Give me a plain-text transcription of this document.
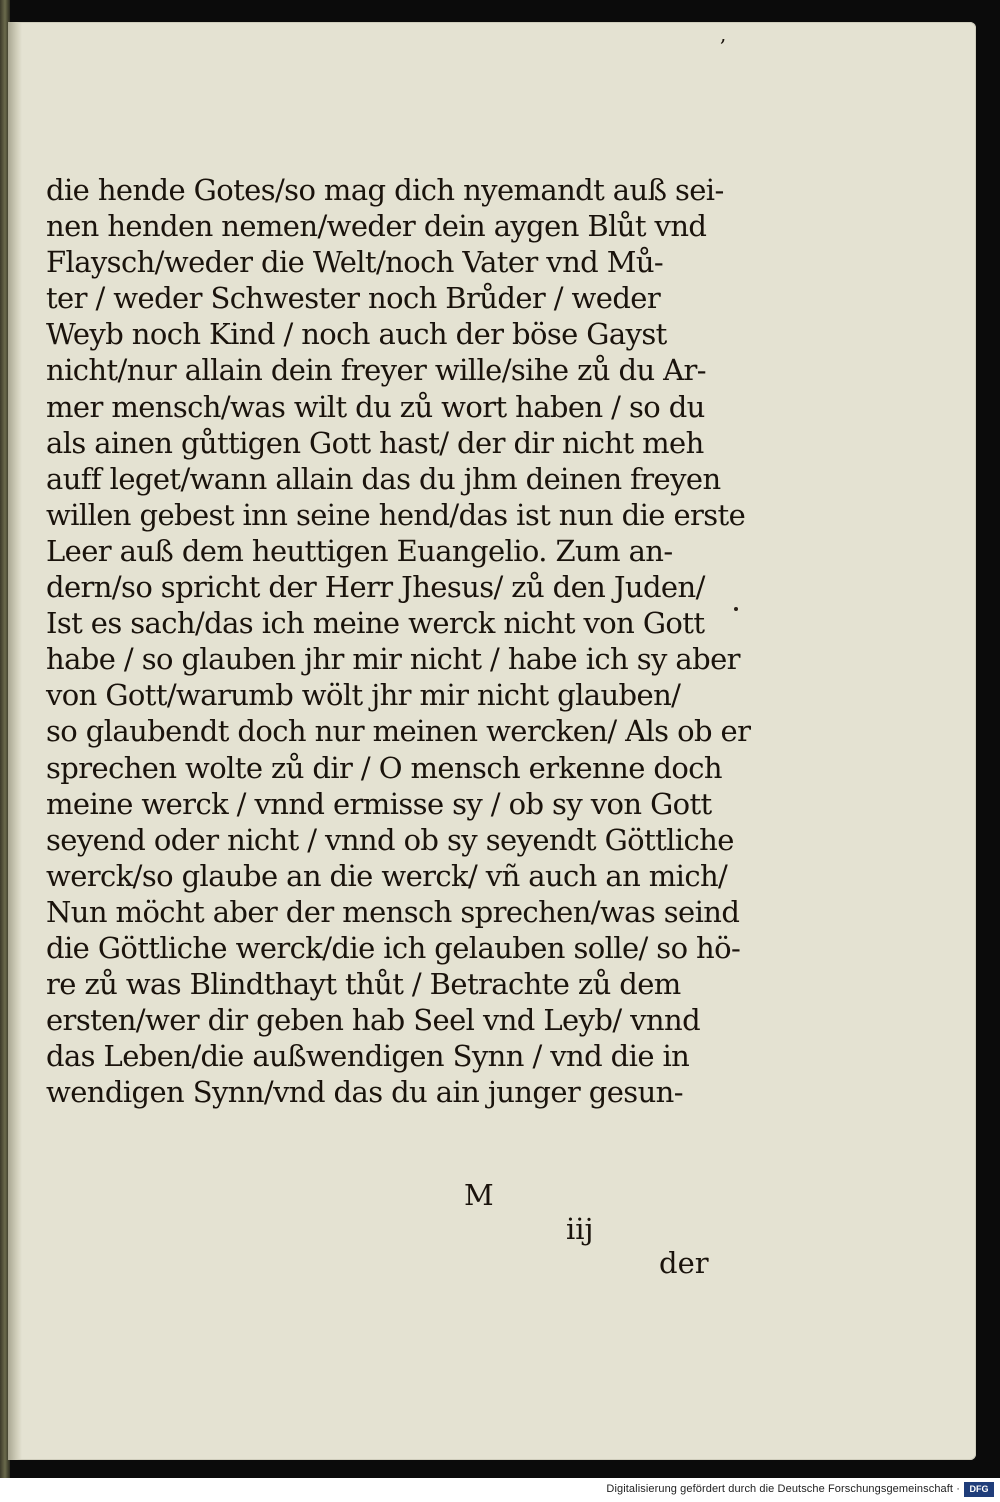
,
die hende Gotes/so mag dich nyemandt auß sei-
nen henden nemen/weder dein aygen Blůt vnd
Flaysch/weder die Welt/noch Vater vnd Mů-
ter / weder Schwester noch Brůder / weder
Weyb noch Kind / noch auch der böse Gayst
nicht/nur allain dein freyer wille/sihe zů du Ar-
mer mensch/was wilt du zů wort haben / so du
als ainen gůttigen Gott hast/ der dir nicht meh
auff leget/wann allain das du jhm deinen freyen
willen gebest inn seine hend/das ist nun die erste
Leer auß dem heuttigen Euangelio. Zum an-
dern/so spricht der Herr Jhesus/ zů den Juden/
Ist es sach/das ich meine werck nicht von Gott
habe / so glauben jhr mir nicht / habe ich sy aber
von Gott/warumb wölt jhr mir nicht glauben/
so glaubendt doch nur meinen wercken/ Als ob er
sprechen wolte zů dir / O mensch erkenne doch
meine werck / vnnd ermisse sy / ob sy von Gott
seyend oder nicht / vnnd ob sy seyendt Göttliche
werck/so glaube an die werck/ vñ auch an mich/
Nun möcht aber der mensch sprechen/was seind
die Göttliche werck/die ich gelauben solle/ so hö-
re zů was Blindthayt thůt / Betrachte zů dem
ersten/wer dir geben hab Seel vnd Leyb/ vnnd
das Leben/die außwendigen Synn / vnd die in
wendigen Synn/vnd das du ain junger gesun-

M

iij

der

Digitalisierung gefördert durch die Deutsche Forschungsgemeinschaft ·	DFG
